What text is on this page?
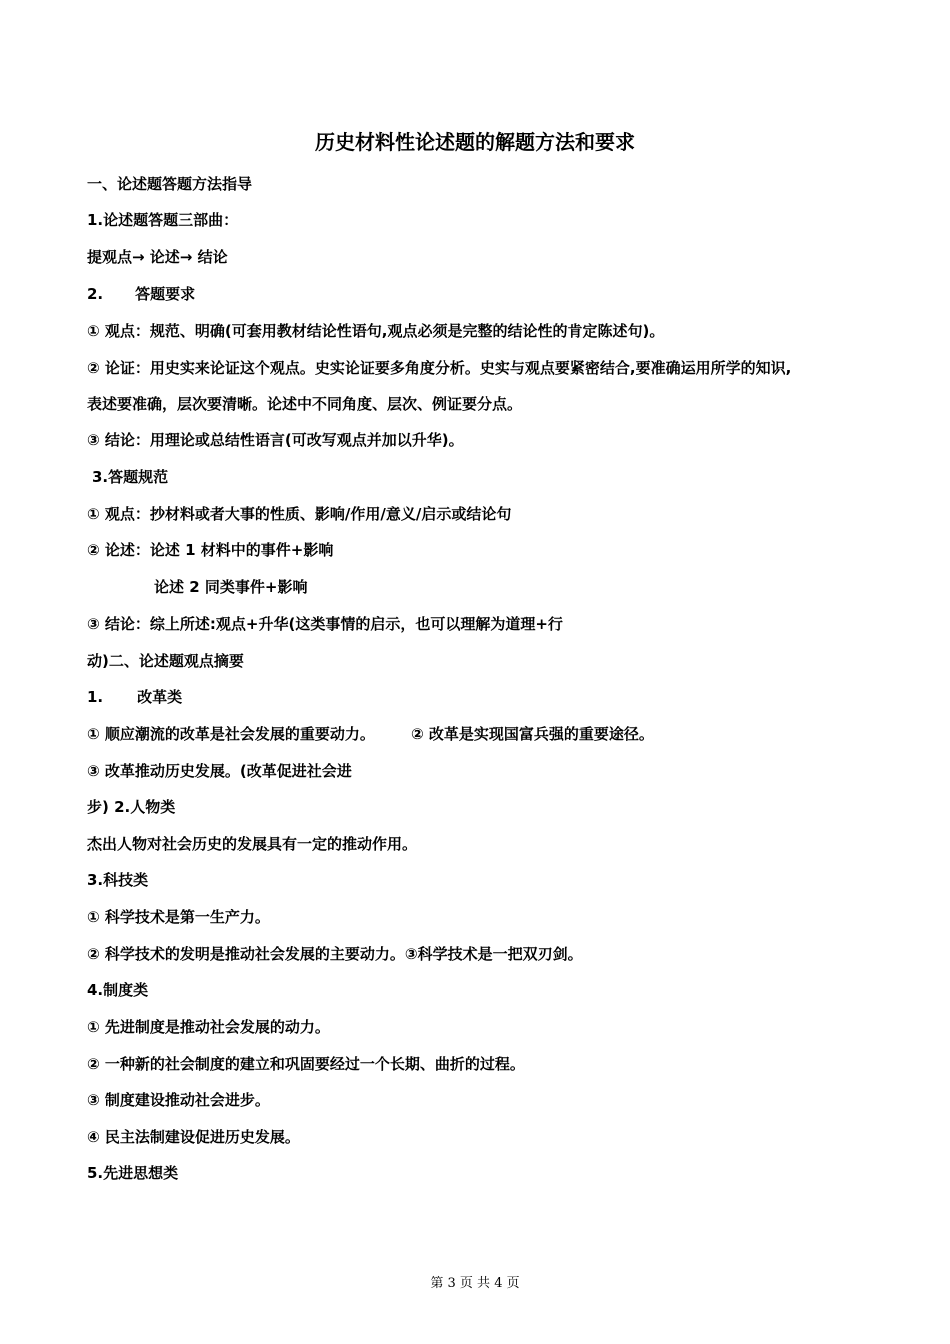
历史材料性论述题的解题方法和要求
一、论述题答题方法指导
1.论述题答题三部曲：
提观点→ 论述→ 结论
2. 答题要求
① 观点：规范、明确(可套用教材结论性语句,观点必须是完整的结论性的肯定陈述句)。
② 论证：用史实来论证这个观点。史实论证要多角度分析。史实与观点要紧密结合,要准确运用所学的知识,
表述要准确，层次要清晰。论述中不同角度、层次、例证要分点。
③ 结论：用理论或总结性语言(可改写观点并加以升华)。
3.答题规范
① 观点：抄材料或者大事的性质、影响/作用/意义/启示或结论句
② 论述：论述 1 材料中的事件+影响
论述 2 同类事件+影响
③ 结论：综上所述:观点+升华(这类事情的启示，也可以理解为道理+行
动)二、论述题观点摘要
1. 改革类
① 顺应潮流的改革是社会发展的重要动力。 ② 改革是实现国富兵强的重要途径。
③ 改革推动历史发展。(改革促进社会进
步) 2.人物类
杰出人物对社会历史的发展具有一定的推动作用。
3.科技类
① 科学技术是第一生产力。
② 科学技术的发明是推动社会发展的主要动力。③科学技术是一把双刃剑。
4.制度类
① 先进制度是推动社会发展的动力。
② 一种新的社会制度的建立和巩固要经过一个长期、曲折的过程。
③ 制度建设推动社会进步。
④ 民主法制建设促进历史发展。
5.先进思想类
第 3 页 共 4 页
